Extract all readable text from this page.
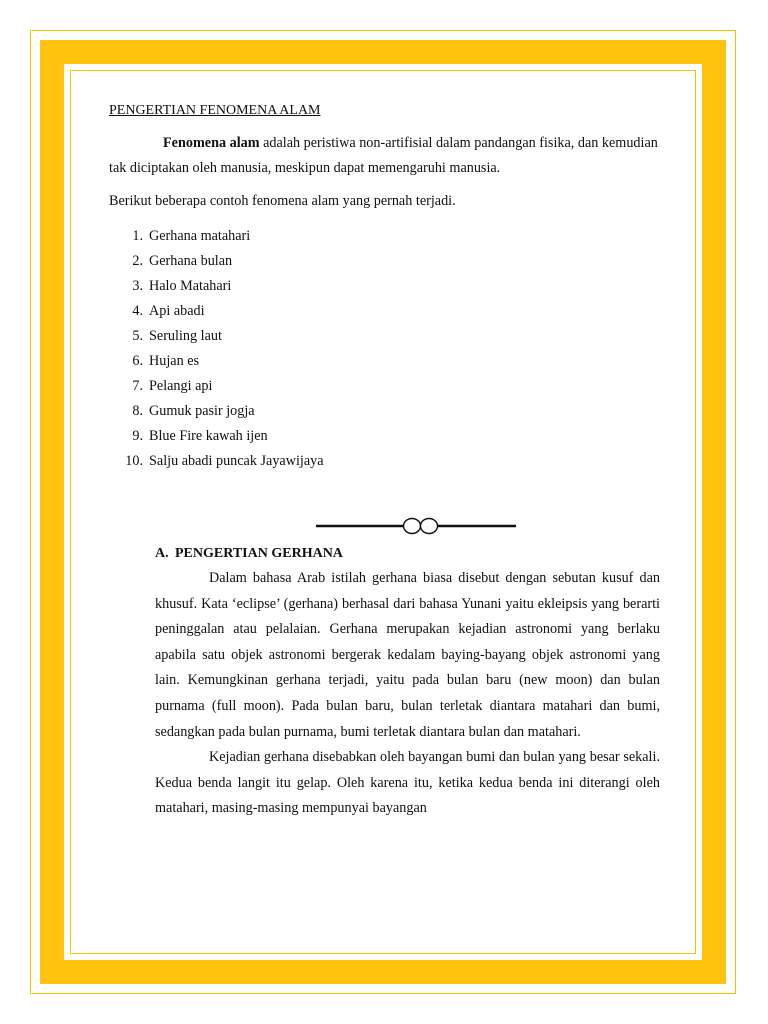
PENGERTIAN FENOMENA ALAM

Fenomena alam adalah peristiwa non-artifisial dalam pandangan fisika, dan kemudian tak diciptakan oleh manusia, meskipun dapat memengaruhi manusia.

Berikut beberapa contoh fenomena alam yang pernah terjadi.

1. Gerhana matahari
2. Gerhana bulan
3. Halo Matahari
4. Api abadi
5. Seruling laut
6. Hujan es
7. Pelangi api
8. Gumuk pasir jogja
9. Blue Fire kawah ijen
10. Salju abadi puncak Jayawijaya
A. PENGERTIAN GERHANA

Dalam bahasa Arab istilah gerhana biasa disebut dengan sebutan kusuf dan khusuf. Kata ‘eclipse’ (gerhana) berhasal dari bahasa Yunani yaitu ekleipsis yang berarti peninggalan atau pelalaian. Gerhana merupakan kejadian astronomi yang berlaku apabila satu objek astronomi bergerak kedalam baying-bayang objek astronomi yang lain. Kemungkinan gerhana terjadi, yaitu pada bulan baru (new moon) dan bulan purnama (full moon). Pada bulan baru, bulan terletak diantara matahari dan bumi, sedangkan pada bulan purnama, bumi terletak diantara bulan dan matahari.

Kejadian gerhana disebabkan oleh bayangan bumi dan bulan yang besar sekali. Kedua benda langit itu gelap. Oleh karena itu, ketika kedua benda ini diterangi oleh matahari, masing-masing mempunyai bayangan
